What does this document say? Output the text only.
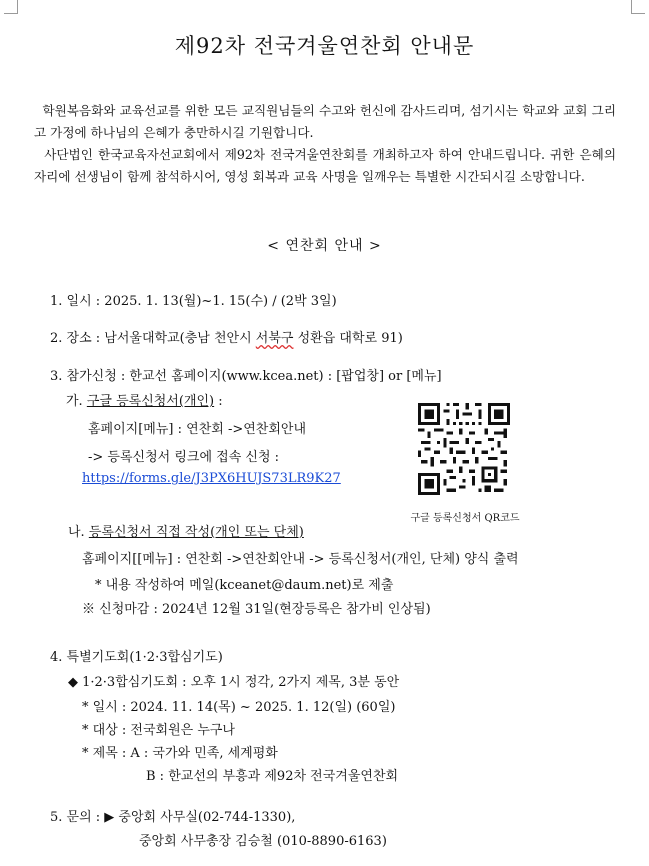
제92차 전국겨울연찬회 안내문

학원복음화와 교육선교를 위한 모든 교직원님들의 수고와 헌신에 감사드리며, 섬기시는 학교와 교회 그리고 가정에 하나님의 은혜가 충만하시길 기원합니다.

사단법인 한국교육자선교회에서 제92차 전국겨울연찬회를 개최하고자 하여 안내드립니다. 귀한 은혜의 자리에 선생님이 함께 참석하시어, 영성 회복과 교육 사명을 일깨우는 특별한 시간되시길 소망합니다.

< 연찬회 안내 >
1. 일시 : 2025. 1. 13(월)~1. 15(수) / (2박 3일)
2. 장소 : 남서울대학교(충남 천안시 서북구 성환읍 대학로 91)
3. 참가신청 : 한교선 홈페이지(www.kcea.net) : [팝업창] or [메뉴]
가. 구글 등록신청서(개인) :
홈페이지[메뉴] : 연찬회 ->연찬회안내
-> 등록신청서 링크에 접속 신청 :
https://forms.gle/J3PX6HUJS73LR9K27
구글 등록신청서 QR코드
나. 등록신청서 직접 작성(개인 또는 단체)
홈페이지[[메뉴] : 연찬회 ->연찬회안내 -> 등록신청서(개인, 단체) 양식 출력
* 내용 작성하여 메일(kceanet@daum.net)로 제출
※ 신청마감 : 2024년 12월 31일(현장등록은 참가비 인상됨)
4. 특별기도회(1·2·3합심기도)
◆ 1·2·3합심기도회 : 오후 1시 정각, 2가지 제목, 3분 동안
* 일시 : 2024. 11. 14(목) ~ 2025. 1. 12(일) (60일)
* 대상 : 전국회원은 누구나
* 제목 : A : 국가와 민족, 세계평화
B : 한교선의 부흥과 제92차 전국겨울연찬회
5. 문의 : ▶ 중앙회 사무실(02-744-1330),
중앙회 사무총장 김승철 (010-8890-6163)
